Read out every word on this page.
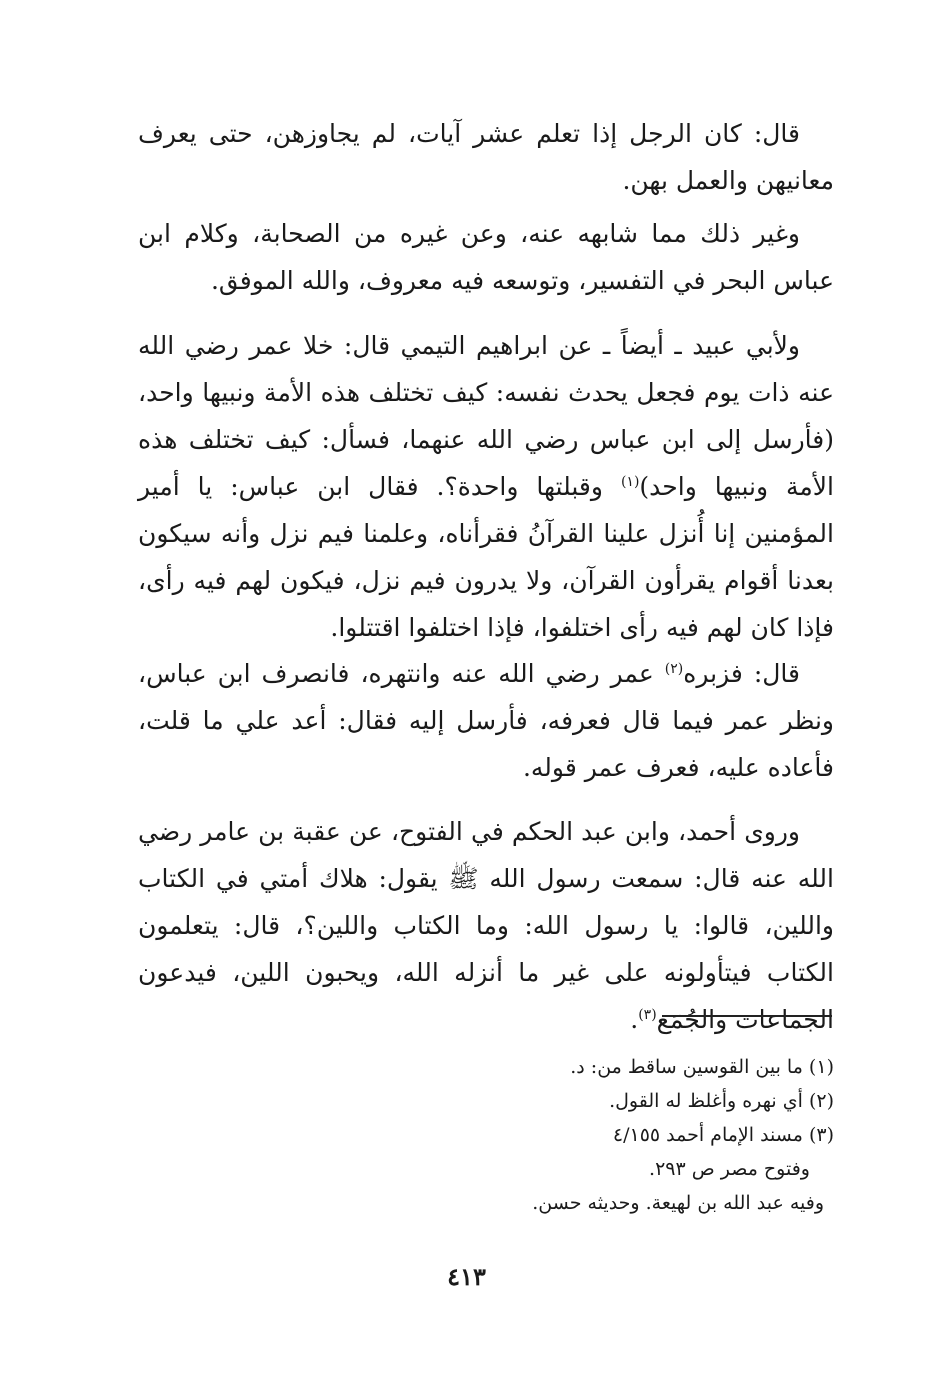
قال: كان الرجل إذا تعلم عشر آيات، لم يجاوزهن، حتى يعرف معانيهن والعمل بهن.

وغير ذلك مما شابهه عنه، وعن غيره من الصحابة، وكلام ابن عباس البحر في التفسير، وتوسعه فيه معروف، والله الموفق.

ولأبي عبيد ـ أيضاً ـ عن ابراهيم التيمي قال: خلا عمر رضي الله عنه ذات يوم فجعل يحدث نفسه: كيف تختلف هذه الأمة ونبيها واحد، (فأرسل إلى ابن عباس رضي الله عنهما، فسأل: كيف تختلف هذه الأمة ونبيها واحد)$^{(١)}$ وقبلتها واحدة؟. فقال ابن عباس: يا أمير المؤمنين إنا أُنزل علينا القرآنُ فقرأناه، وعلمنا فيم نزل وأنه سيكون بعدنا أقوام يقرأون القرآن، ولا يدرون فيم نزل، فيكون لهم فيه رأى، فإذا كان لهم فيه رأى اختلفوا، فإذا اختلفوا اقتتلوا.

قال: فزبره$^{(٢)}$ عمر رضي الله عنه وانتهره، فانصرف ابن عباس، ونظر عمر فيما قال فعرفه، فأرسل إليه فقال: أعد علي ما قلت، فأعاده عليه، فعرف عمر قوله.

وروى أحمد، وابن عبد الحكم في الفتوح، عن عقبة بن عامر رضي الله عنه قال: سمعت رسول الله ﷺ يقول: هلاك أمتي في الكتاب واللين، قالوا: يا رسول الله: وما الكتاب واللين؟، قال: يتعلمون الكتاب فيتأولونه على غير ما أنزله الله، ويحبون اللين، فيدعون الجماعات والجُمَع$^{(٣)}$.

(١) ما بين القوسين ساقط من: د.

(٢) أي نهره وأغلظ له القول.

(٣) مسند الإمام أحمد ٤/١٥٥

وفتوح مصر ص ٢٩٣.

وفيه عبد الله بن لهيعة. وحديثه حسن.

٤١٣
